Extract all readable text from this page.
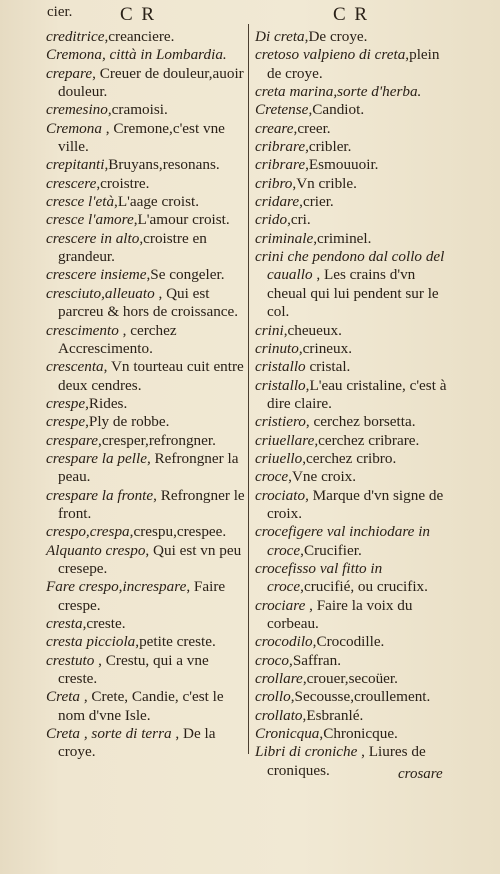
cier.	C R	C R

creditrice,creanciere.

Cremona, città in Lombardia.

crepare, Creuer de douleur,auoir douleur.

cremesino,cramoisi.

Cremona , Cremone,c'est vne ville.

crepitanti,Bruyans,resonans.

crescere,croistre.

cresce l'età,L'aage croist.

cresce l'amore,L'amour croist.

crescere in alto,croistre en grandeur.

crescere insieme,Se congeler.

cresciuto,alleuato , Qui est parcreu & hors de croissance.

crescimento , cerchez Accrescimento.

crescenta, Vn tourteau cuit entre deux cendres.

crespe,Rides.

crespe,Ply de robbe.

crespare,cresper,refrongner.

crespare la pelle, Refrongner la peau.

crespare la fronte, Refrongner le front.

crespo,crespa,crespu,crespee.

Alquanto crespo, Qui est vn peu cresepe.

Fare crespo,increspare, Faire crespe.

cresta,creste.

cresta picciola,petite creste.

crestuto , Crestu, qui a vne creste.

Creta , Crete, Candie, c'est le nom d'vne Isle.

Creta , sorte di terra , De la croye.

Di creta,De croye.

cretoso valpieno di creta,plein de croye.

creta marina,sorte d'herba.

Cretense,Candiot.

creare,creer.

cribrare,cribler.

cribrare,Esmouuoir.

cribro,Vn crible.

cridare,crier.

crido,cri.

criminale,criminel.

crini che pendono dal collo del cauallo , Les crains d'vn cheual qui lui pendent sur le col.

crini,cheueux.

crinuto,crineux.

cristallo cristal.

cristallo,L'eau cristaline, c'est à dire claire.

cristiero, cerchez borsetta.

criuellare,cerchez cribrare.

criuello,cerchez cribro.

croce,Vne croix.

crociato, Marque d'vn signe de croix.

crocefigere val inchiodare in croce,Crucifier.

crocefisso val fitto in croce,crucifié, ou crucifix.

crociare , Faire la voix du corbeau.

crocodilo,Crocodille.

croco,Saffran.

crollare,crouer,secoüer.

crollo,Secousse,croullement.

crollato,Esbranlé.

Cronicqua,Chronicque.

Libri di croniche , Liures de croniques.	crosare
